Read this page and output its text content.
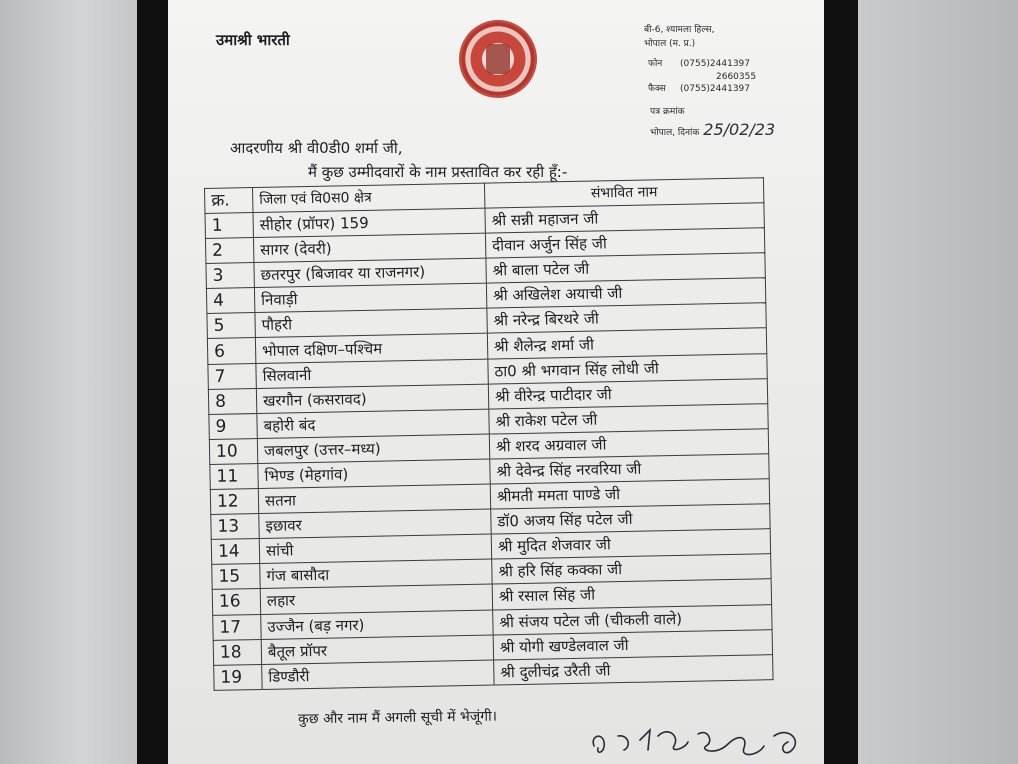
उमाश्री भारती
बी-6, श्यामला हिल्स,
भोपाल (म. प्र.)
फोन (0755)2441397
2660355
फैक्स (0755)2441397
पत्र क्रमांक
भोपाल, दिनांक 25/02/23
आदरणीय श्री वी0डी0 शर्मा जी,
मैं कुछ उम्मीदवारों के नाम प्रस्तावित कर रही हूँ:-
क्र.	जिला एवं वि0स0 क्षेत्र	संभावित नाम
1	सीहोर (प्रॉपर) 159	श्री सन्नी महाजन जी
2	सागर (देवरी)	दीवान अर्जुन सिंह जी
3	छतरपुर (बिजावर या राजनगर)	श्री बाला पटेल जी
4	निवाड़ी	श्री अखिलेश अयाची जी
5	पौहरी	श्री नरेन्द्र बिरथरे जी
6	भोपाल दक्षिण–पश्चिम	श्री शैलेन्द्र शर्मा जी
7	सिलवानी	ठा0 श्री भगवान सिंह लोधी जी
8	खरगौन (कसरावद)	श्री वीरेन्द्र पाटीदार जी
9	बहोरी बंद	श्री राकेश पटेल जी
10	जबलपुर (उत्तर–मध्य)	श्री शरद अग्रवाल जी
11	भिण्ड (मेहगांव)	श्री देवेन्द्र सिंह नरवरिया जी
12	सतना	श्रीमती ममता पाण्डे जी
13	इछावर	डॉ0 अजय सिंह पटेल जी
14	सांची	श्री मुदित शेजवार जी
15	गंज बासौदा	श्री हरि सिंह कक्का जी
16	लहार	श्री रसाल सिंह जी
17	उज्जैन (बड़ नगर)	श्री संजय पटेल जी (चीकली वाले)
18	बैतूल प्रॉपर	श्री योगी खण्डेलवाल जी
19	डिण्डौरी	श्री दुलीचंद्र उरैती जी
कुछ और नाम मैं अगली सूची में भेजूंगी।
